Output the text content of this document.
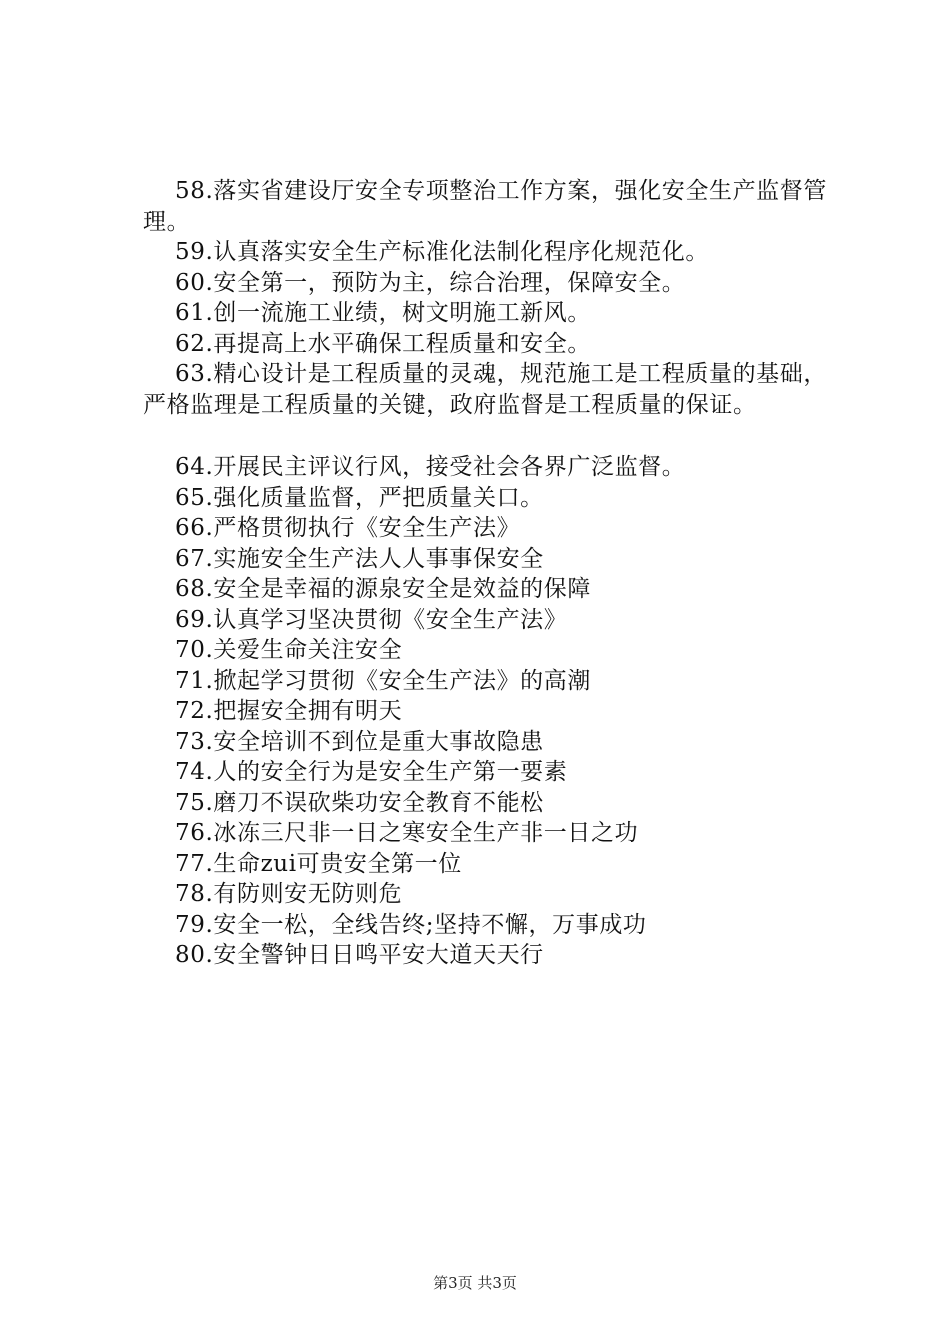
58.落实省建设厅安全专项整治工作方案，强化安全生产监督管理。

59.认真落实安全生产标准化法制化程序化规范化。

60.安全第一，预防为主，综合治理，保障安全。

61.创一流施工业绩，树文明施工新风。

62.再提高上水平确保工程质量和安全。

63.精心设计是工程质量的灵魂，规范施工是工程质量的基础，严格监理是工程质量的关键，政府监督是工程质量的保证。

64.开展民主评议行风，接受社会各界广泛监督。

65.强化质量监督，严把质量关口。

66.严格贯彻执行《安全生产法》

67.实施安全生产法人人事事保安全

68.安全是幸福的源泉安全是效益的保障

69.认真学习坚决贯彻《安全生产法》

70.关爱生命关注安全

71.掀起学习贯彻《安全生产法》的高潮

72.把握安全拥有明天

73.安全培训不到位是重大事故隐患

74.人的安全行为是安全生产第一要素

75.磨刀不误砍柴功安全教育不能松

76.冰冻三尺非一日之寒安全生产非一日之功

77.生命zui可贵安全第一位

78.有防则安无防则危

79.安全一松，全线告终;坚持不懈，万事成功

80.安全警钟日日鸣平安大道天天行

第3页 共3页
